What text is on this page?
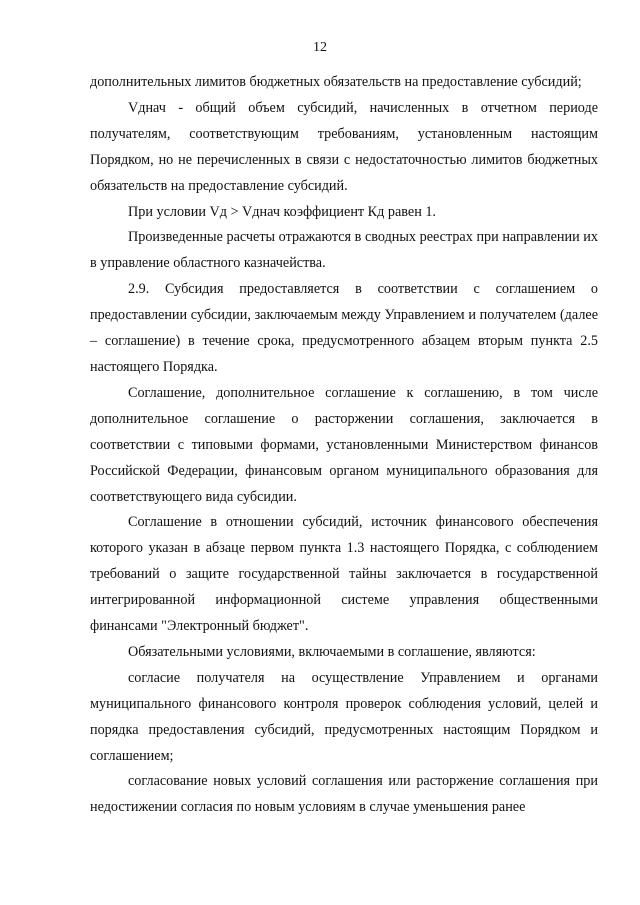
12

дополнительных лимитов бюджетных обязательств на предоставление субсидий;

Vднач - общий объем субсидий, начисленных в отчетном периоде получателям, соответствующим требованиям, установленным настоящим Порядком, но не перечисленных в связи с недостаточностью лимитов бюджетных обязательств на предоставление субсидий.

При условии Vд > Vднач коэффициент Кд равен 1.

Произведенные расчеты отражаются в сводных реестрах при направлении их в управление областного казначейства.

2.9. Субсидия предоставляется в соответствии с соглашением о предоставлении субсидии, заключаемым между Управлением и получателем (далее – соглашение) в течение срока, предусмотренного абзацем вторым пункта 2.5 настоящего Порядка.

Соглашение, дополнительное соглашение к соглашению, в том числе дополнительное соглашение о расторжении соглашения, заключается в соответствии с типовыми формами, установленными Министерством финансов Российской Федерации, финансовым органом муниципального образования для соответствующего вида субсидии.

Соглашение в отношении субсидий, источник финансового обеспечения которого указан в абзаце первом пункта 1.3 настоящего Порядка, с соблюдением требований о защите государственной тайны заключается в государственной интегрированной информационной системе управления общественными финансами "Электронный бюджет".

Обязательными условиями, включаемыми в соглашение, являются:

согласие получателя на осуществление Управлением и органами муниципального финансового контроля проверок соблюдения условий, целей и порядка предоставления субсидий, предусмотренных настоящим Порядком и соглашением;

согласование новых условий соглашения или расторжение соглашения при недостижении согласия по новым условиям в случае уменьшения ранее
